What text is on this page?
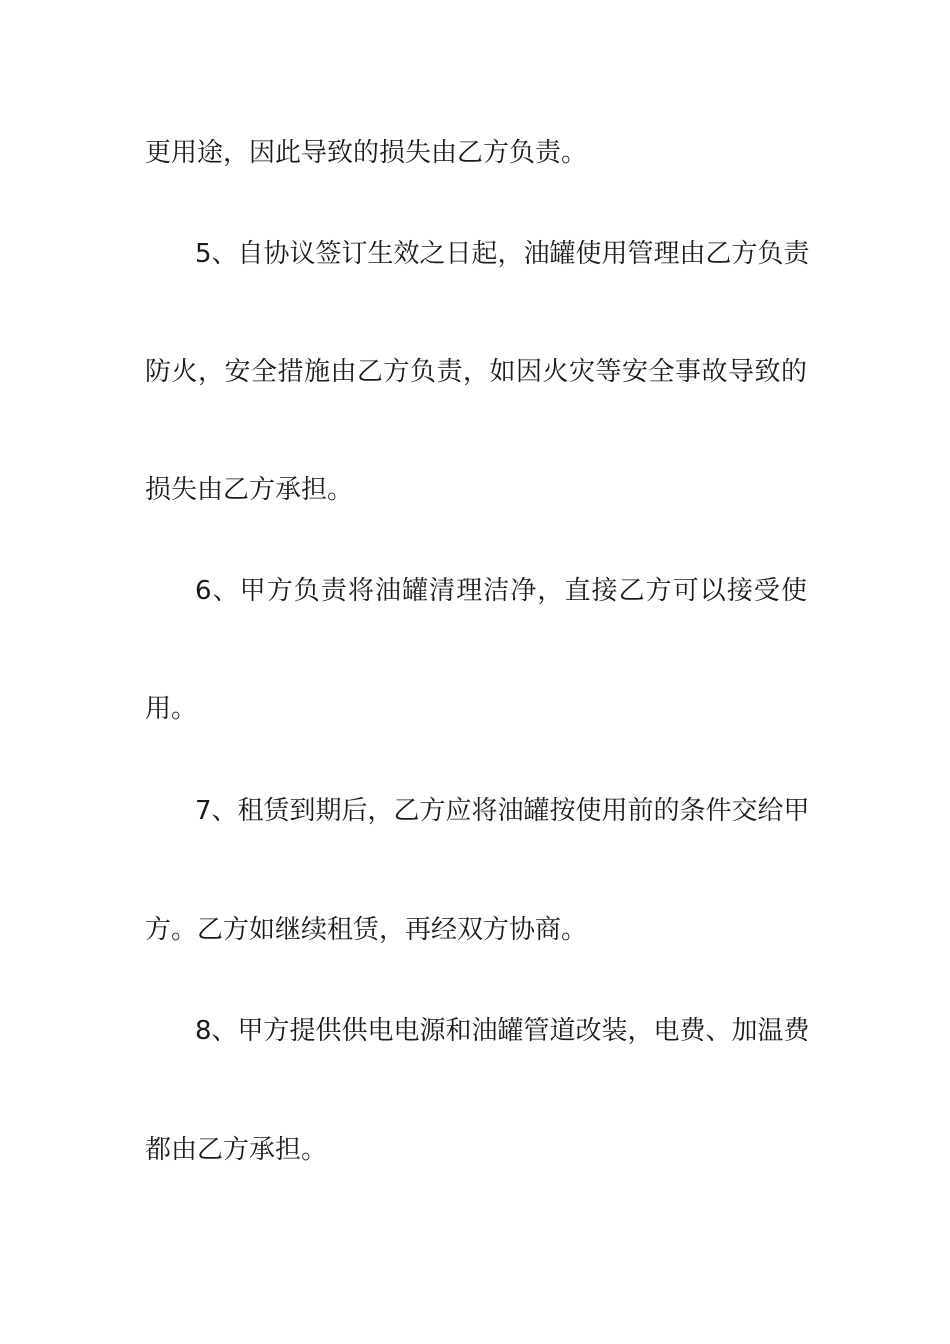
更用途，因此导致的损失由乙方负责。
5、自协议签订生效之日起，油罐使用管理由乙方负责
防火，安全措施由乙方负责，如因火灾等安全事故导致的
损失由乙方承担。
6、甲方负责将油罐清理洁净，直接乙方可以接受使
用。
7、租赁到期后，乙方应将油罐按使用前的条件交给甲
方。乙方如继续租赁，再经双方协商。
8、甲方提供供电电源和油罐管道改装，电费、加温费
都由乙方承担。
